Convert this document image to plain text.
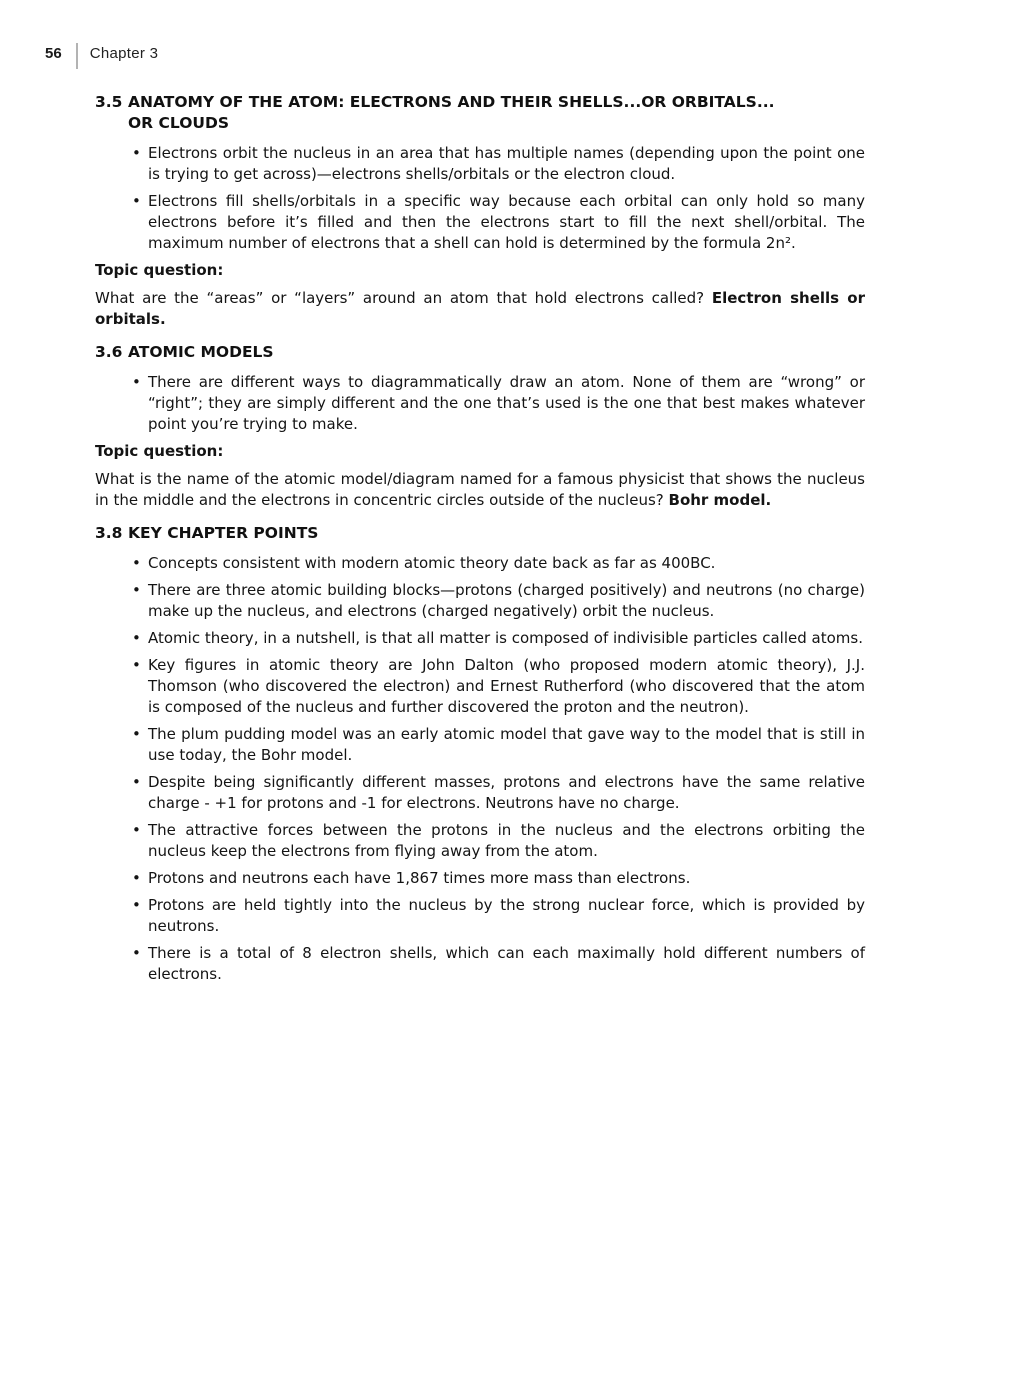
56 Chapter 3
3.5 ANATOMY OF THE ATOM: ELECTRONS AND THEIR SHELLS...OR ORBITALS...
OR CLOUDS
• Electrons orbit the nucleus in an area that has multiple names (depending upon the point one is trying to get across)—electrons shells/orbitals or the electron cloud.
• Electrons fill shells/orbitals in a specific way because each orbital can only hold so many electrons before it’s filled and then the electrons start to fill the next shell/orbital. The maximum number of electrons that a shell can hold is determined by the formula 2n².

Topic question:

What are the “areas” or “layers” around an atom that hold electrons called? Electron shells or orbitals.

3.6 ATOMIC MODELS
• There are different ways to diagrammatically draw an atom. None of them are “wrong” or “right”; they are simply different and the one that’s used is the one that best makes whatever point you’re trying to make.

Topic question:

What is the name of the atomic model/diagram named for a famous physicist that shows the nucleus in the middle and the electrons in concentric circles outside of the nucleus? Bohr model.

3.8 KEY CHAPTER POINTS
• Concepts consistent with modern atomic theory date back as far as 400BC.
• There are three atomic building blocks—protons (charged positively) and neutrons (no charge) make up the nucleus, and electrons (charged negatively) orbit the nucleus.
• Atomic theory, in a nutshell, is that all matter is composed of indivisible particles called atoms.
• Key figures in atomic theory are John Dalton (who proposed modern atomic theory), J.J. Thomson (who discovered the electron) and Ernest Rutherford (who discovered that the atom is composed of the nucleus and further discovered the proton and the neutron).
• The plum pudding model was an early atomic model that gave way to the model that is still in use today, the Bohr model.
• Despite being significantly different masses, protons and electrons have the same relative charge - +1 for protons and -1 for electrons. Neutrons have no charge.
• The attractive forces between the protons in the nucleus and the electrons orbiting the nucleus keep the electrons from flying away from the atom.
• Protons and neutrons each have 1,867 times more mass than electrons.
• Protons are held tightly into the nucleus by the strong nuclear force, which is provided by neutrons.
• There is a total of 8 electron shells, which can each maximally hold different numbers of electrons.
